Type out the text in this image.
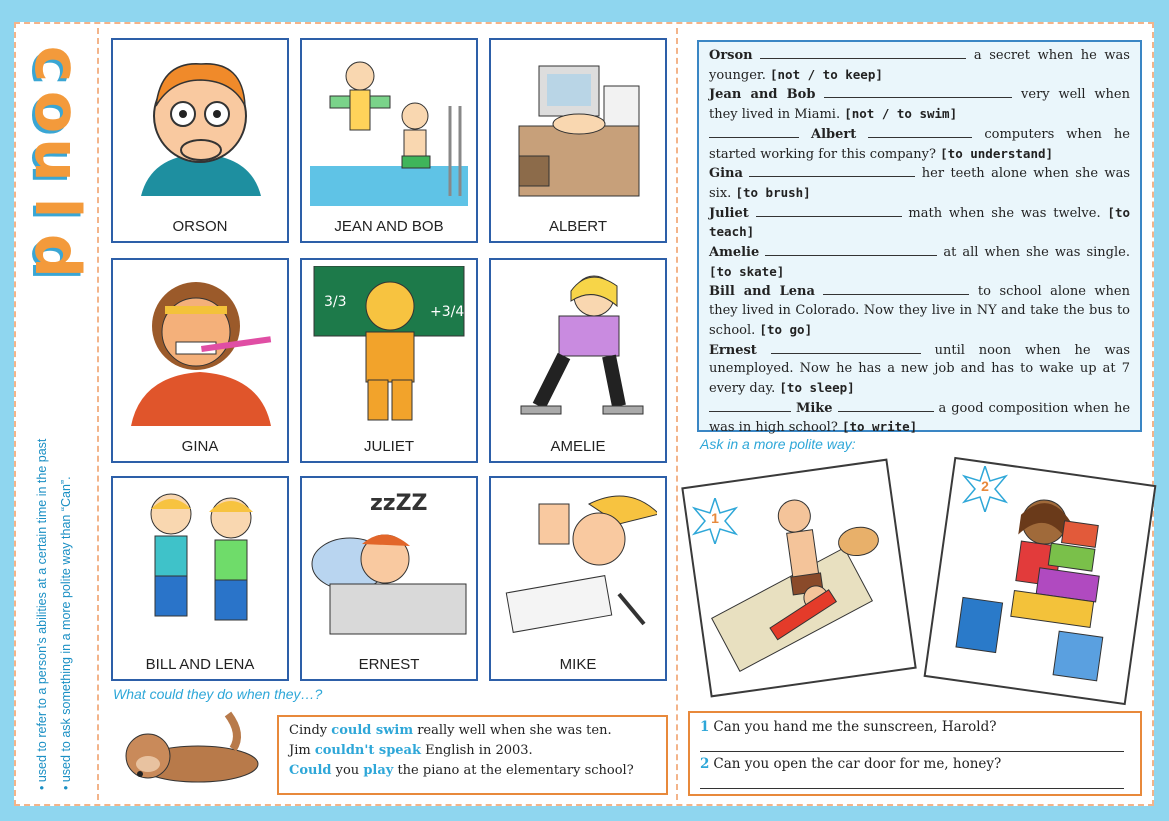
c
o
u
l
d
• used to refer to a person's abilities at a certain time in the past
• used to ask something in a more polite way than “Can”.
ORSON	JEAN AND BOB	ALBERT
GINA
3/3
+3/4
JULIET	AMELIE
BILL AND LENA
zzZZ
ERNEST	MIKE
What could they do when they…?
Cindy could swim really well when she was ten.
Jim couldn't speak English in 2003.
Could you play the piano at the elementary school?
Orson	a secret when he was younger. [not / to keep]
Jean and Bob	very well when they lived in Miami. [not / to swim]
Albert	computers when he started working for this company? [to understand]
Gina	her teeth alone when she was six. [to brush]
Juliet	math when she was twelve. [to teach]
Amelie	at all when she was single. [to skate]
Bill and Lena	to school alone when they lived in Colorado. Now they live in NY and take the bus to school. [to go]
Ernest	until noon when he was unemployed. Now he has a new job and has to wake up at 7 every day. [to sleep]
Mike	a good composition when he was in high school? [to write]
Ask in a more polite way:
1
2
1 Can you hand me the sunscreen, Harold?
2 Can you open the car door for me, honey?
